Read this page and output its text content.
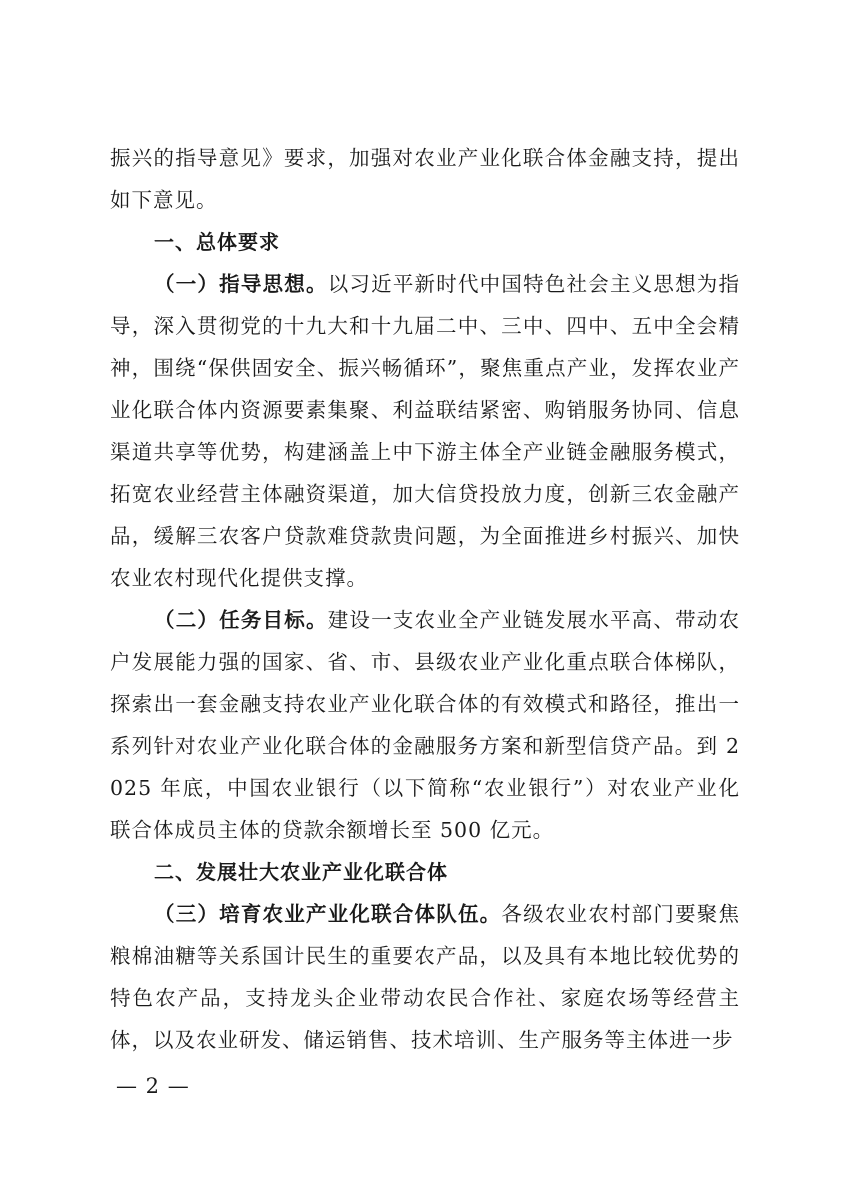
振兴的指导意见》要求，加强对农业产业化联合体金融支持，提出如下意见。

一、总体要求

（一）指导思想。以习近平新时代中国特色社会主义思想为指导，深入贯彻党的十九大和十九届二中、三中、四中、五中全会精神，围绕“保供固安全、振兴畅循环”，聚焦重点产业，发挥农业产业化联合体内资源要素集聚、利益联结紧密、购销服务协同、信息渠道共享等优势，构建涵盖上中下游主体全产业链金融服务模式，拓宽农业经营主体融资渠道，加大信贷投放力度，创新三农金融产品，缓解三农客户贷款难贷款贵问题，为全面推进乡村振兴、加快农业农村现代化提供支撑。

（二）任务目标。建设一支农业全产业链发展水平高、带动农户发展能力强的国家、省、市、县级农业产业化重点联合体梯队，探索出一套金融支持农业产业化联合体的有效模式和路径，推出一系列针对农业产业化联合体的金融服务方案和新型信贷产品。到 2025 年底，中国农业银行（以下简称“农业银行”）对农业产业化联合体成员主体的贷款余额增长至 500 亿元。

二、发展壮大农业产业化联合体

（三）培育农业产业化联合体队伍。各级农业农村部门要聚焦粮棉油糖等关系国计民生的重要农产品，以及具有本地比较优势的特色农产品，支持龙头企业带动农民合作社、家庭农场等经营主体，以及农业研发、储运销售、技术培训、生产服务等主体进一步

— 2 —
